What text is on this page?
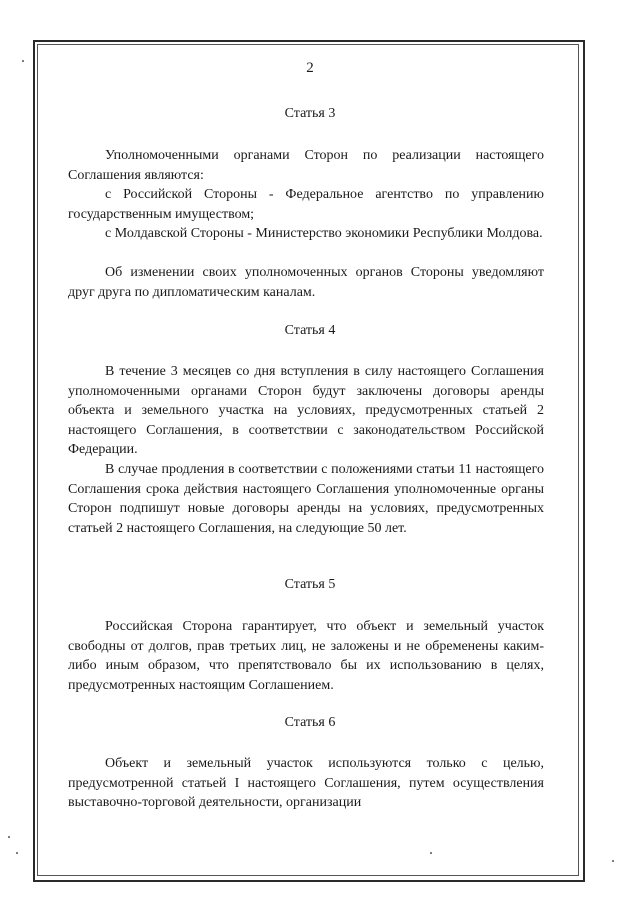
2
Статья 3
Уполномоченными органами Сторон по реализации настоящего Соглашения являются:
с Российской Стороны - Федеральное агентство по управлению государственным имуществом;
с Молдавской Стороны - Министерство экономики Республики Молдова.
Об изменении своих уполномоченных органов Стороны уведомляют друг друга по дипломатическим каналам.
Статья 4
В течение 3 месяцев со дня вступления в силу настоящего Соглашения уполномоченными органами Сторон будут заключены договоры аренды объекта и земельного участка на условиях, предусмотренных статьей 2 настоящего Соглашения, в соответствии с законодательством Российской Федерации.
В случае продления в соответствии с положениями статьи 11 настоящего Соглашения срока действия настоящего Соглашения уполномоченные органы Сторон подпишут новые договоры аренды на условиях, предусмотренных статьей 2 настоящего Соглашения, на следующие 50 лет.
Статья 5
Российская Сторона гарантирует, что объект и земельный участок свободны от долгов, прав третьих лиц, не заложены и не обременены каким-либо иным образом, что препятствовало бы их использованию в целях, предусмотренных настоящим Соглашением.
Статья 6
Объект и земельный участок используются только с целью, предусмотренной статьей I настоящего Соглашения, путем осуществления выставочно-торговой деятельности, организации
